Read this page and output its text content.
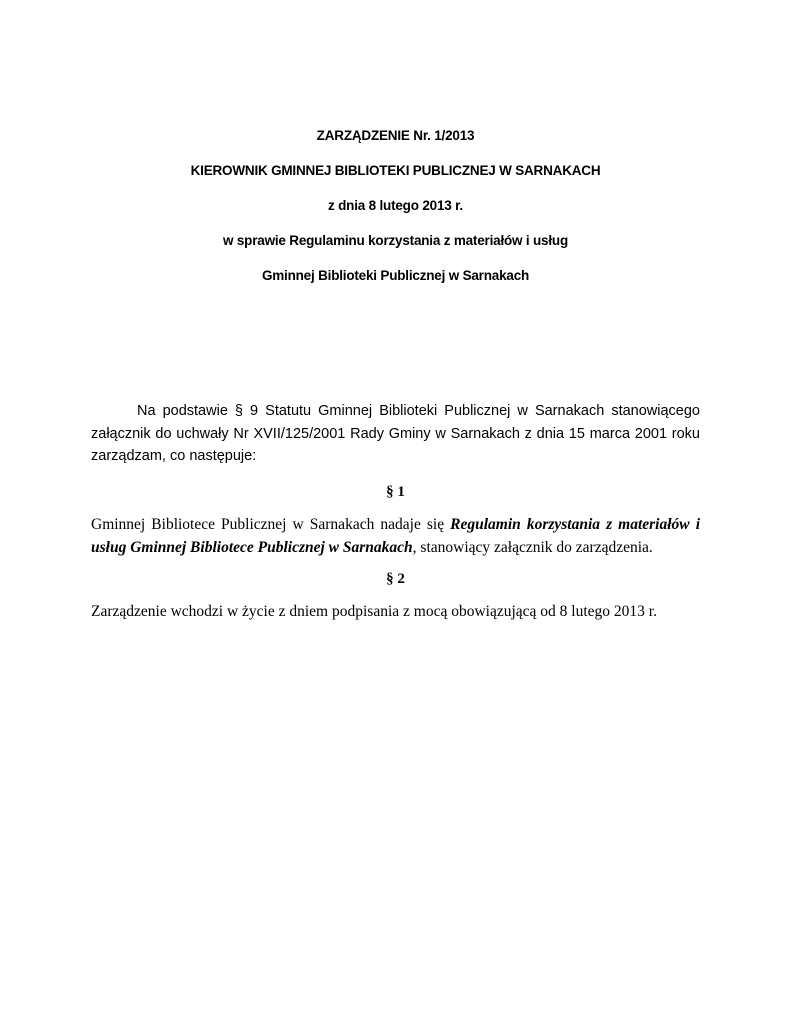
ZARZĄDZENIE Nr. 1/2013
KIEROWNIK GMINNEJ BIBLIOTEKI PUBLICZNEJ W SARNAKACH
z dnia 8 lutego 2013 r.
w sprawie Regulaminu korzystania z materiałów i usług
Gminnej Biblioteki Publicznej w Sarnakach
Na podstawie § 9 Statutu Gminnej Biblioteki Publicznej w Sarnakach stanowiącego
załącznik do uchwały Nr XVII/125/2001 Rady Gminy w Sarnakach z dnia 15 marca 2001 roku
zarządzam, co następuje:
§ 1
Gminnej Bibliotece Publicznej w Sarnakach nadaje się Regulamin korzystania z materiałów i
usług Gminnej Bibliotece Publicznej w Sarnakach, stanowiący załącznik do zarządzenia.
§ 2
Zarządzenie wchodzi w życie z dniem podpisania z mocą obowiązującą od 8 lutego 2013 r.
